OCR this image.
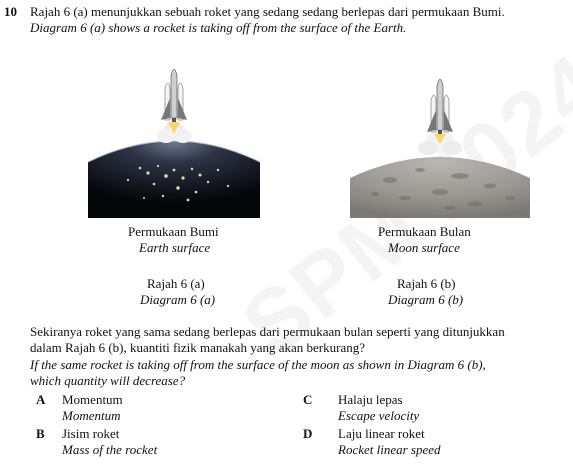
10 Rajah 6 (a) menunjukkan sebuah roket yang sedang sedang berlepas dari permukaan Bumi.
Diagram 6 (a) shows a rocket is taking off from the surface of the Earth.
Permukaan Bumi
Earth surface
Rajah 6 (a)
Diagram 6 (a)
Permukaan Bulan
Moon surface
Rajah 6 (b)
Diagram 6 (b)
Sekiranya roket yang sama sedang berlepas dari permukaan bulan seperti yang ditunjukkan
dalam Rajah 6 (b), kuantiti fizik manakah yang akan berkurang?
If the same rocket is taking off from the surface of the moon as shown in Diagram 6 (b),
which quantity will decrease?
A Momentum
Momentum
B Jisim roket
Mass of the rocket
C Halaju lepas
Escape velocity
D Laju linear roket
Rocket linear speed
